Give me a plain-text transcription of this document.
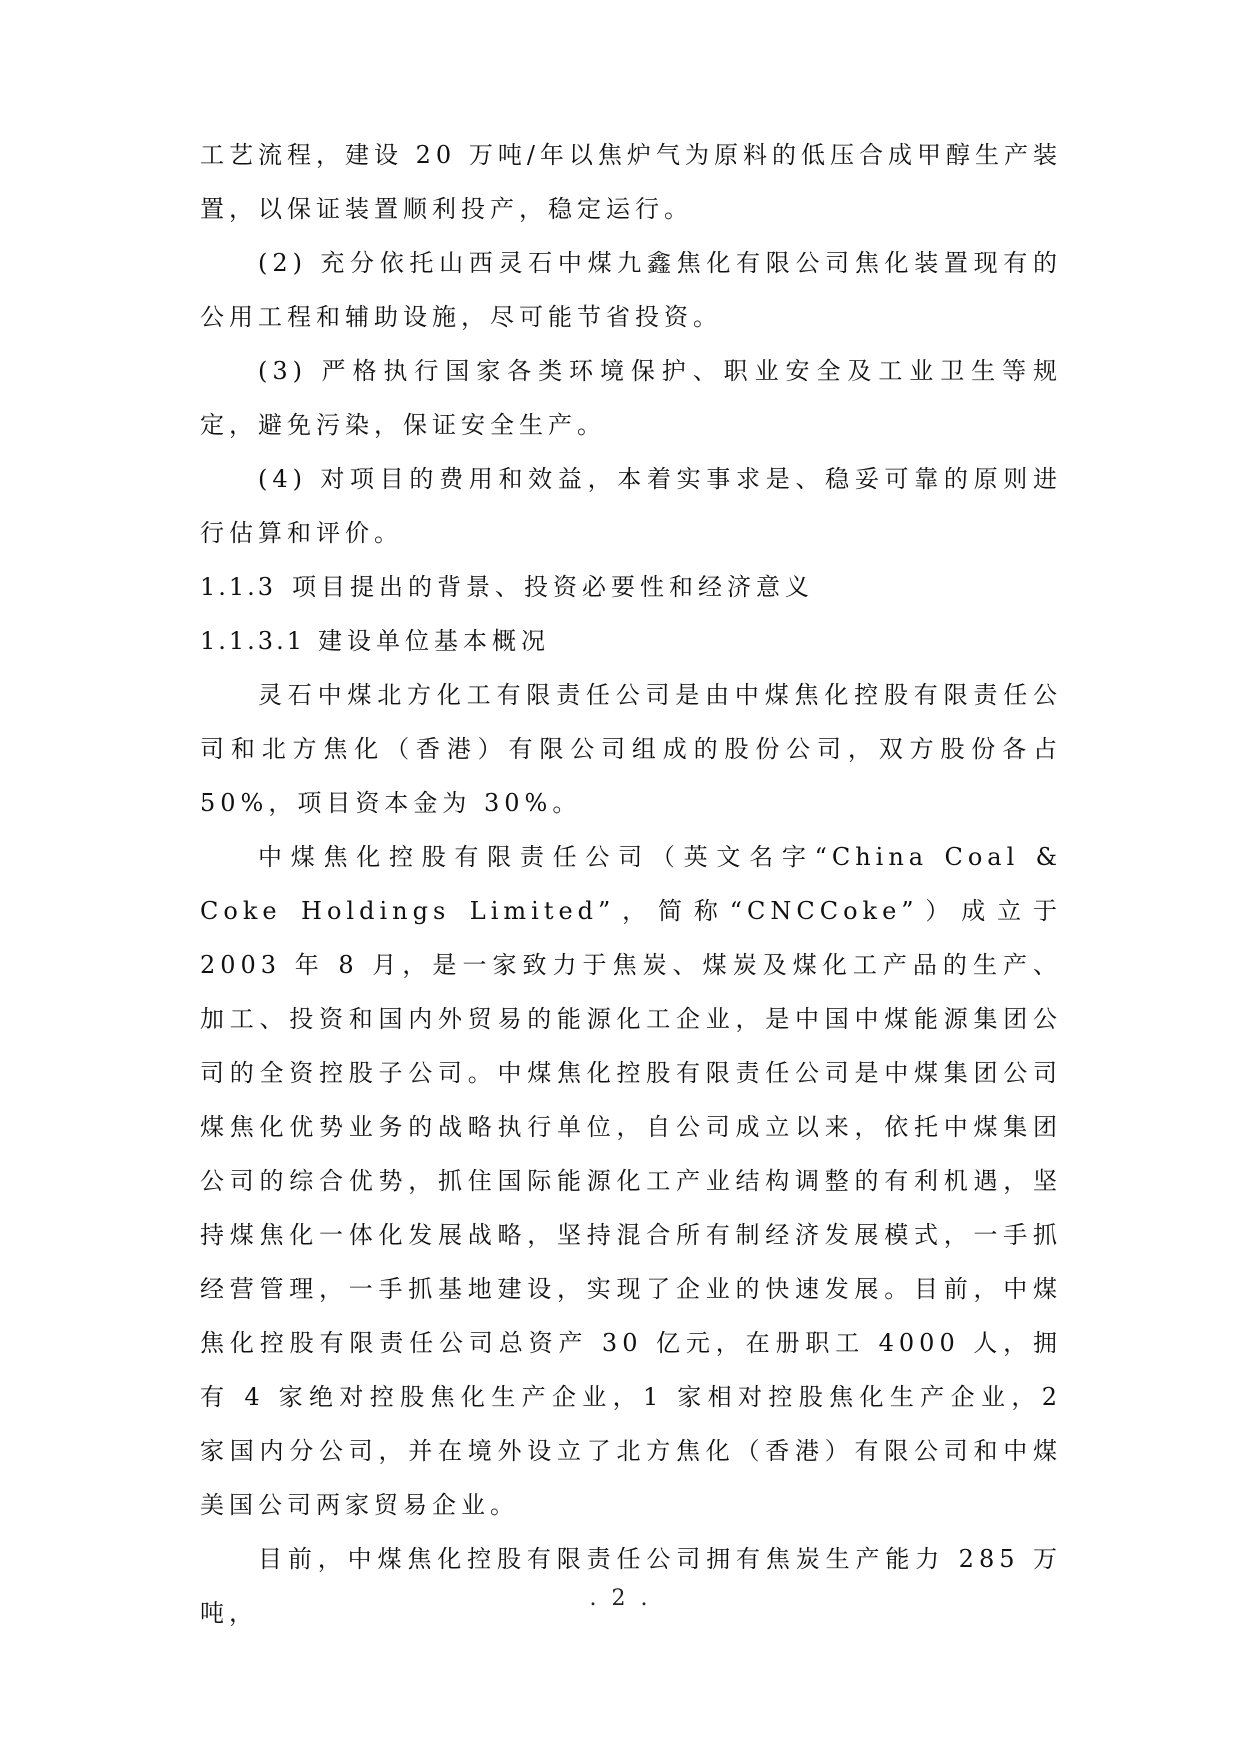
工艺流程，建设 20 万吨/年以焦炉气为原料的低压合成甲醇生产装置，以保证装置顺利投产，稳定运行。

(2) 充分依托山西灵石中煤九鑫焦化有限公司焦化装置现有的公用工程和辅助设施，尽可能节省投资。

(3) 严格执行国家各类环境保护、职业安全及工业卫生等规定，避免污染，保证安全生产。

(4) 对项目的费用和效益，本着实事求是、稳妥可靠的原则进行估算和评价。

1.1.3 项目提出的背景、投资必要性和经济意义

1.1.3.1 建设单位基本概况

灵石中煤北方化工有限责任公司是由中煤焦化控股有限责任公司和北方焦化（香港）有限公司组成的股份公司，双方股份各占 50%，项目资本金为 30%。

中煤焦化控股有限责任公司（英文名字“China Coal & Coke Holdings Limited”，简称“CNCCoke”）成立于 2003 年 8 月，是一家致力于焦炭、煤炭及煤化工产品的生产、加工、投资和国内外贸易的能源化工企业，是中国中煤能源集团公司的全资控股子公司。中煤焦化控股有限责任公司是中煤集团公司煤焦化优势业务的战略执行单位，自公司成立以来，依托中煤集团公司的综合优势，抓住国际能源化工产业结构调整的有利机遇，坚持煤焦化一体化发展战略，坚持混合所有制经济发展模式，一手抓经营管理，一手抓基地建设，实现了企业的快速发展。目前，中煤焦化控股有限责任公司总资产 30 亿元，在册职工 4000 人，拥有 4 家绝对控股焦化生产企业，1 家相对控股焦化生产企业，2 家国内分公司，并在境外设立了北方焦化（香港）有限公司和中煤美国公司两家贸易企业。

目前，中煤焦化控股有限责任公司拥有焦炭生产能力 285 万吨，

. 2 .
